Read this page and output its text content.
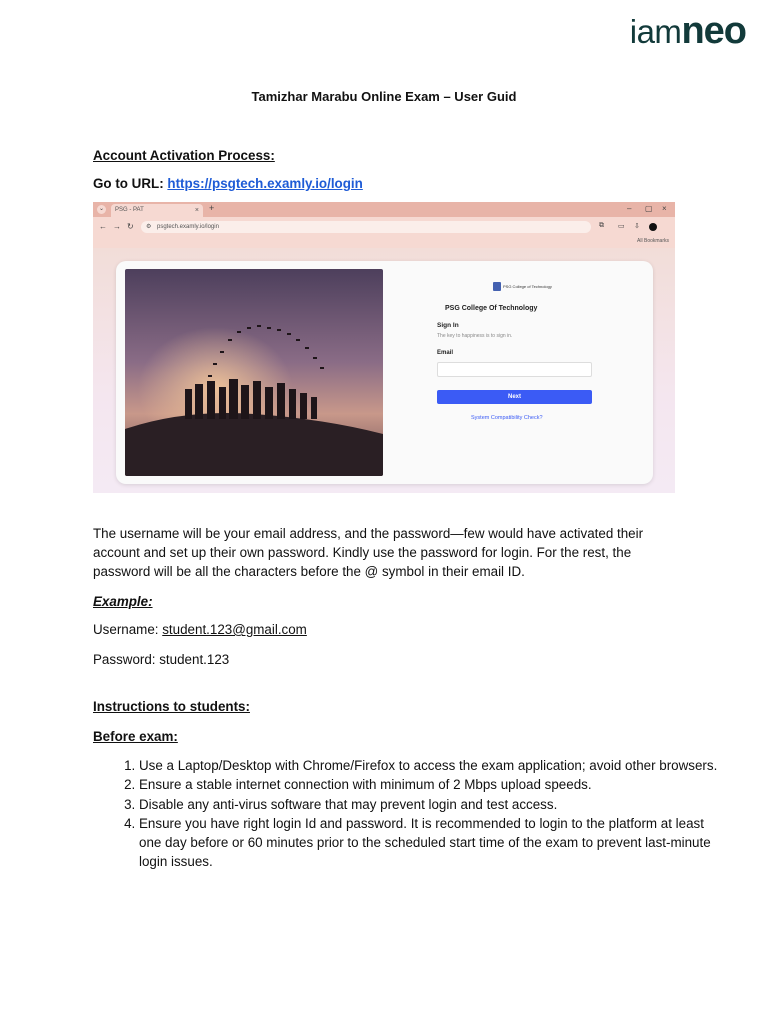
iamneo
Tamizhar Marabu Online Exam – User Guid
Account Activation Process:
Go to URL: https://psgtech.examly.io/login
⌄	PSG - PAT	× +	– ▢ ×
← → ↻ ⚙ psgtech.examly.io/login	⧉ ▭ ⇩
All Bookmarks
PSG College of Technology
PSG College Of Technology
Sign In
The key to happiness is to sign in.
Email
Next
System Compatibility Check?
The username will be your email address, and the password—few would have activated their account and set up their own password. Kindly use the password for login. For the rest, the password will be all the characters before the @ symbol in their email ID.
Example:
Username: student.123@gmail.com
Password: student.123
Instructions to students:
Before exam:
1. Use a Laptop/Desktop with Chrome/Firefox to access the exam application; avoid other browsers.
2. Ensure a stable internet connection with minimum of 2 Mbps upload speeds.
3. Disable any anti-virus software that may prevent login and test access.
4. Ensure you have right login Id and password. It is recommended to login to the platform at least one day before or 60 minutes prior to the scheduled start time of the exam to prevent last-minute login issues.
